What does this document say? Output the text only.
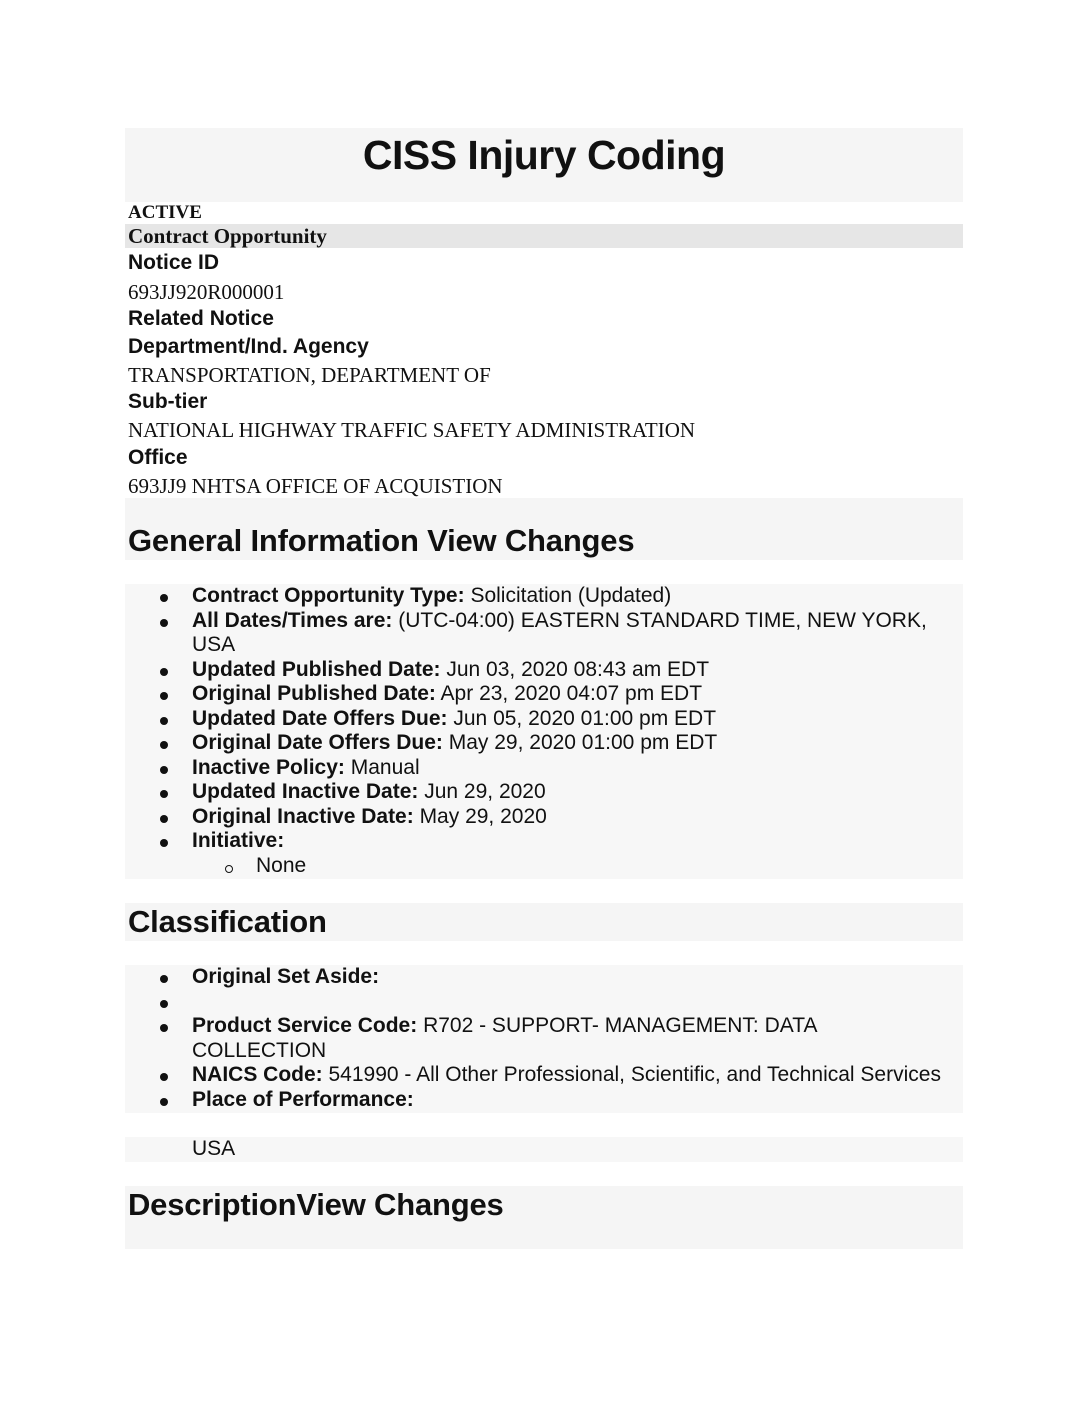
CISS Injury Coding
ACTIVE
Contract Opportunity
Notice ID
693JJ920R000001
Related Notice
Department/Ind. Agency
TRANSPORTATION, DEPARTMENT OF
Sub-tier
NATIONAL HIGHWAY TRAFFIC SAFETY ADMINISTRATION
Office
693JJ9 NHTSA OFFICE OF ACQUISTION
General Information View Changes
Contract Opportunity Type: Solicitation (Updated)
All Dates/Times are: (UTC-04:00) EASTERN STANDARD TIME, NEW YORK,
USA
Updated Published Date: Jun 03, 2020 08:43 am EDT
Original Published Date: Apr 23, 2020 04:07 pm EDT
Updated Date Offers Due: Jun 05, 2020 01:00 pm EDT
Original Date Offers Due: May 29, 2020 01:00 pm EDT
Inactive Policy: Manual
Updated Inactive Date: Jun 29, 2020
Original Inactive Date: May 29, 2020
Initiative:
None
Classification
Original Set Aside:
Product Service Code: R702 - SUPPORT- MANAGEMENT: DATA
COLLECTION
NAICS Code: 541990 - All Other Professional, Scientific, and Technical Services
Place of Performance:
USA
DescriptionView Changes
